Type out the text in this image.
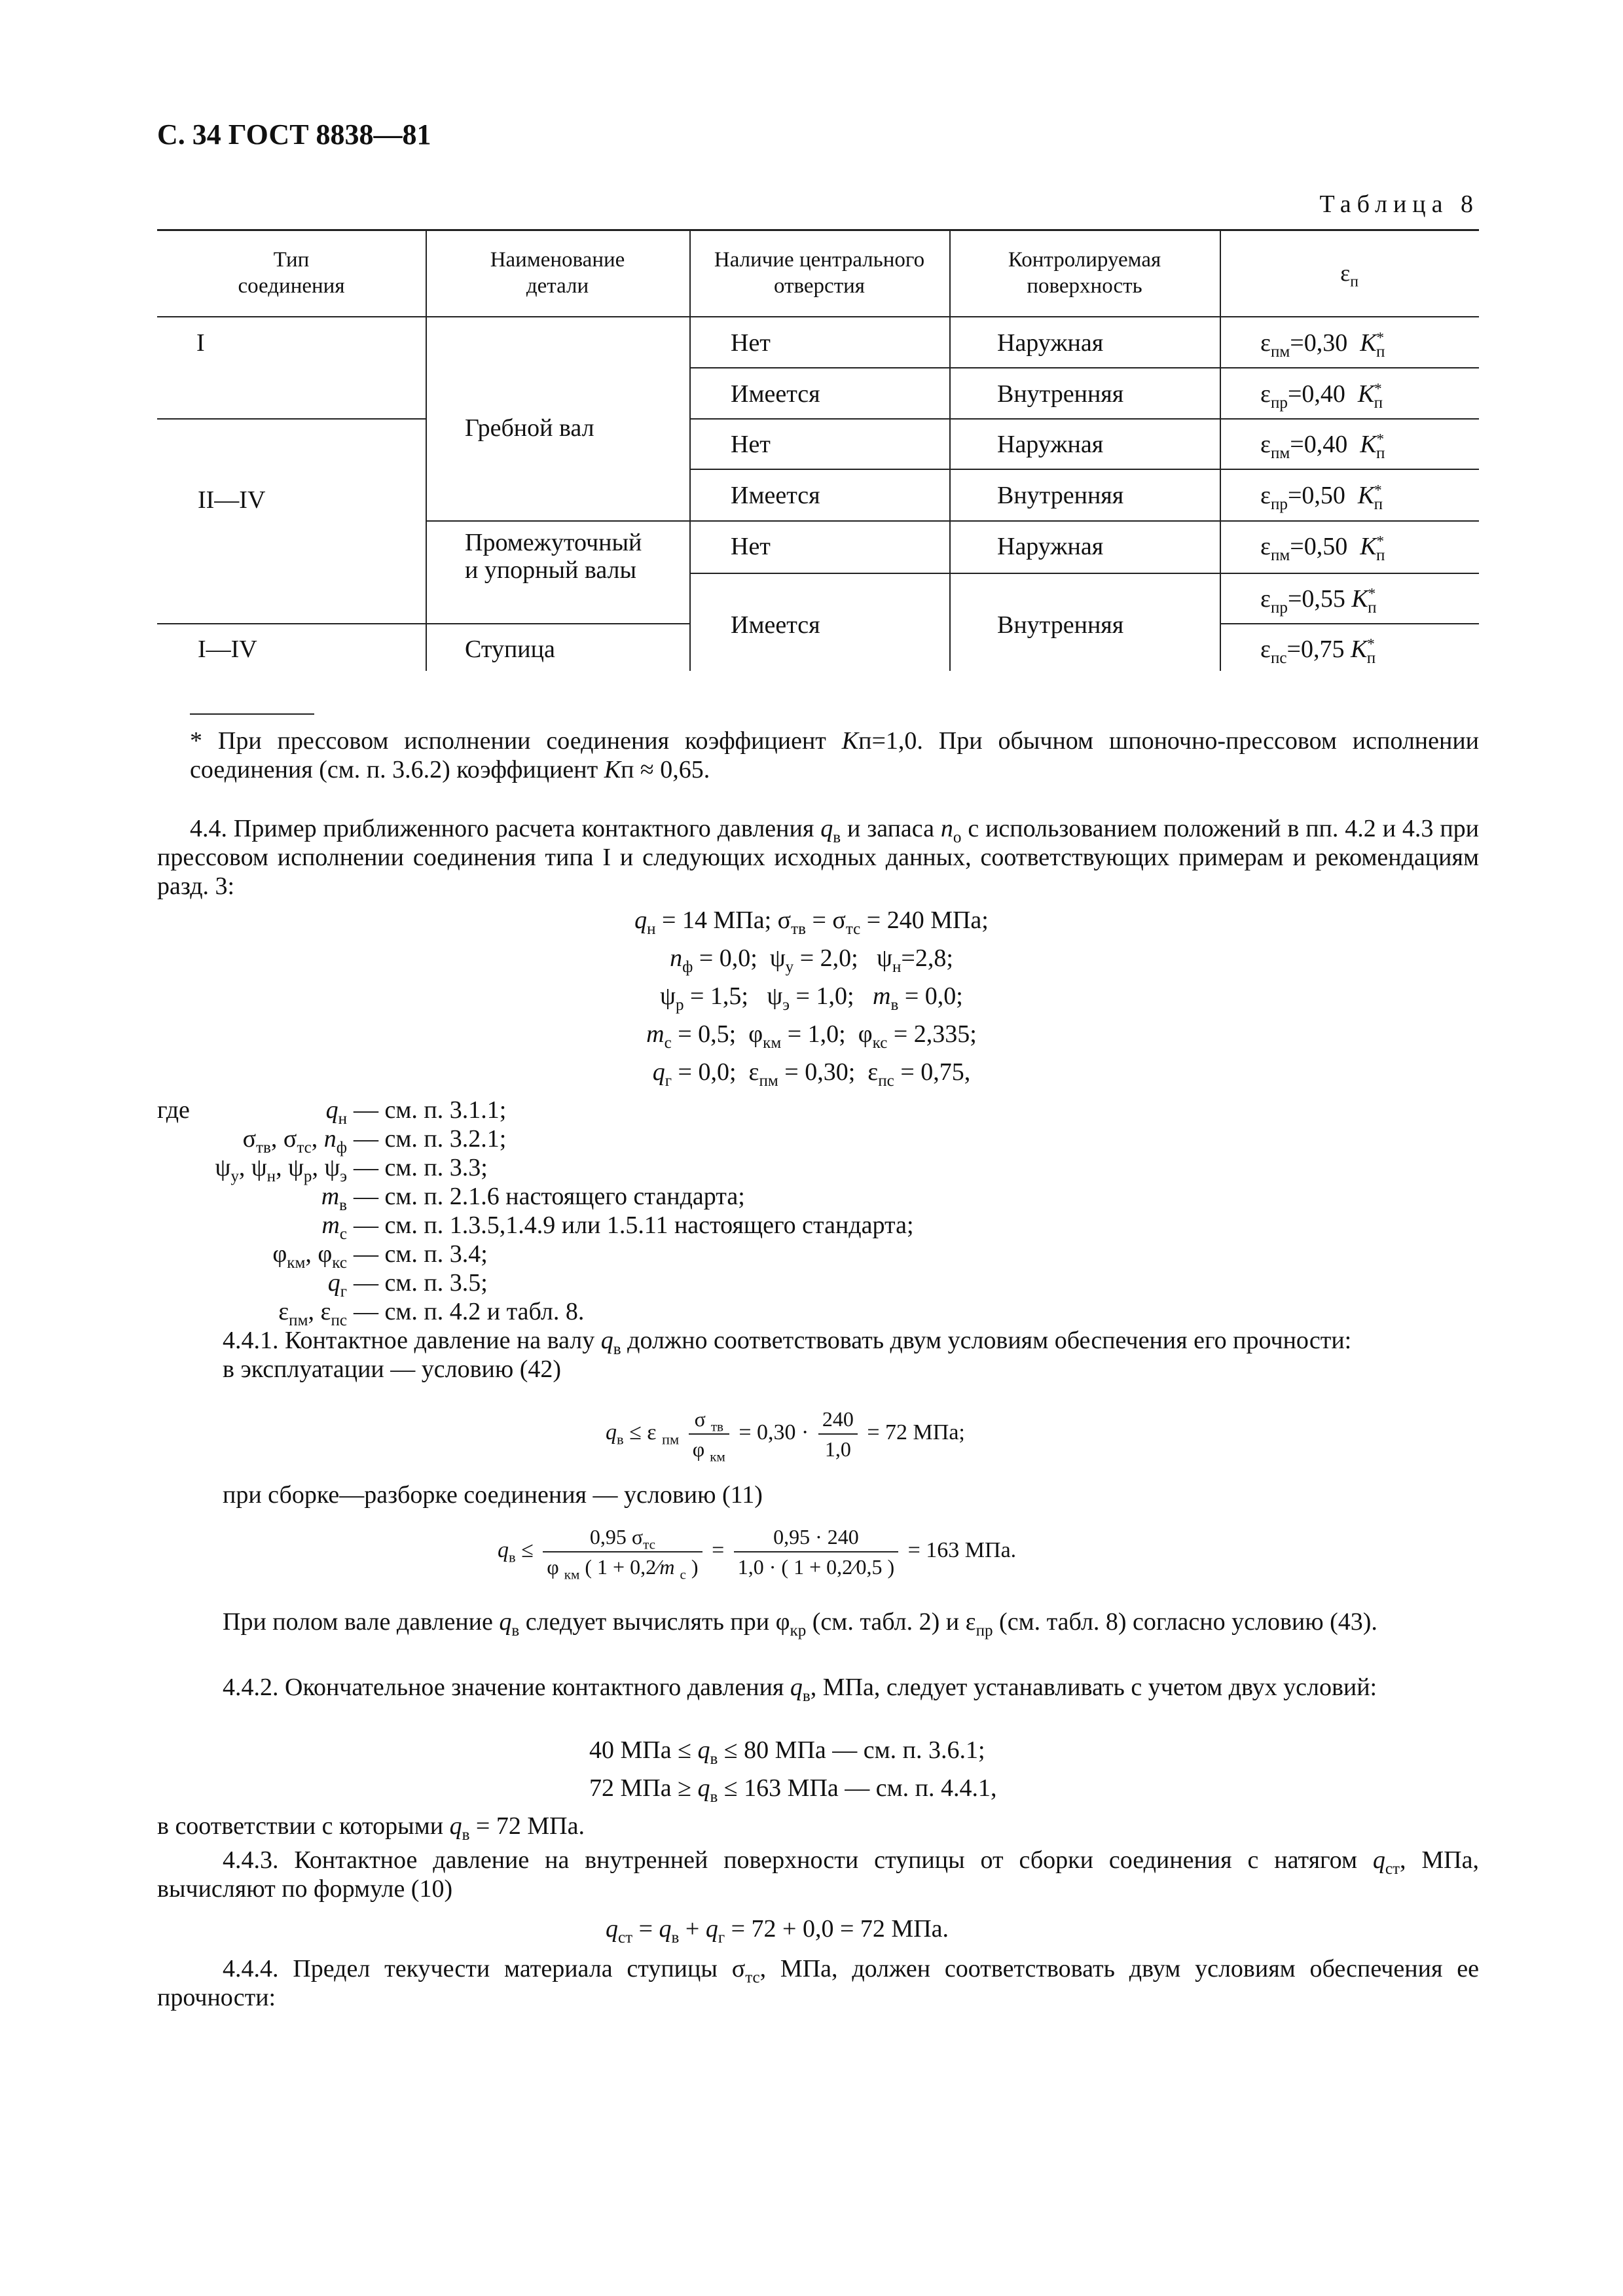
С. 34 ГОСТ 8838—81
Таблица 8
Тип
соединения
Наименование
детали
Наличие центрального
отверстия
Контролируемая
поверхность	$\varepsilon_п$
I
II—IV
I—IV
Гребной вал
Промежуточный
и упорный валы
Ступица
Нет
Имеется
Нет
Имеется
Нет
Имеется
Наружная
Внутренняя
Наружная
Внутренняя
Наружная
Внутренняя
$\varepsilon_{пм}=0,30$ $K^*_п$
$\varepsilon_{пр}=0,40$ $K^*_п$
$\varepsilon_{пм}=0,40$ $K^*_п$
$\varepsilon_{пр}=0,50$ $K^*_п$
$\varepsilon_{пм}=0,50$ $K^*_п$
$\varepsilon_{пр}=0,55$ $K^*_п$
$\varepsilon_{пс}=0,75$ $K^*_п$
* При прессовом исполнении соединения коэффициент Kп=1,0. При обычном шпоночно-прессовом исполнении соединения (см. п. 3.6.2) коэффициент Kп ≈ 0,65.
4.4. Пример приближенного расчета контактного давления $q_в$ и запаса $n_о$ с использованием положений в пп. 4.2 и 4.3 при прессовом исполнении соединения типа I и следующих исходных данных, соответствующих примерам и рекомендациям разд. 3:
$q_н = 14$ МПа; $\sigma_{тв} = \sigma_{тс} = 240$ МПа;
$n_ф = 0,0$;  $\psi_у = 2,0$;   $\psi_н=2,8$;
$\psi_р = 1,5$;   $\psi_э = 1,0$;   $m_в = 0,0$;
$m_с = 0,5$;  $\varphi_{км} = 1,0$;  $\varphi_{кс} = 2,335$;
$q_г = 0,0$;  $\varepsilon_{пм} = 0,30$;  $\varepsilon_{пс} = 0,75$,
где	$q_н$
$\sigma_{тв}$, $\sigma_{тс}$, $n_ф$
$\psi_у$, $\psi_н$, $\psi_р$, $\psi_э$
$m_в$
$m_с$
$\varphi_{км}$, $\varphi_{кс}$
$q_г$
$\varepsilon_{пм}$, $\varepsilon_{пс}$
— см. п. 3.1.1;
— см. п. 3.2.1;
— см. п. 3.3;
— см. п. 2.1.6 настоящего стандарта;
— см. п. 1.3.5,1.4.9 или 1.5.11 настоящего стандарта;
— см. п. 3.4;
— см. п. 3.5;
— см. п. 4.2 и табл. 8.
4.4.1. Контактное давление на валу $q_в$ должно соответствовать двум условиям обеспечения его прочности:
в эксплуатации — условию (42)
$q_в \le \varepsilon$ $_{пм} \frac{\sigma _{тв}}{\varphi _{км}} = 0,30 \cdot \frac{240}{1,0} = 72$ МПа;
при сборке—разборке соединения — условию (11)
$q_в \le \frac{0,95 \sigma_{тс}}{\varphi _{км} ( 1 + 0,2∕m _с )} = \frac{0,95 \cdot 240}{1,0 \cdot ( 1 + 0,2∕0,5 )} = 163$ МПа.
При полом вале давление $q_в$ следует вычислять при $\varphi_{кр}$ (см. табл. 2) и $\varepsilon_{пр}$ (см. табл. 8) согласно условию (43).
4.4.2. Окончательное значение контактного давления $q_в$, МПа, следует устанавливать с учетом двух условий:
40 МПа ≤ $q_в \le 80$ МПа — см. п. 3.6.1;
72 МПа ≥ $q_в \le 163$ МПа — см. п. 4.4.1,
в соответствии с которыми $q_в = 72$ МПа.
4.4.3. Контактное давление на внутренней поверхности ступицы от сборки соединения с натягом $q_{ст}$, МПа, вычисляют по формуле (10)
$q_{ст} = q_в + q_г = 72 + 0,0 = 72$ МПа.
4.4.4. Предел текучести материала ступицы $\sigma_{тс}$, МПа, должен соответствовать двум условиям обеспечения ее прочности:
